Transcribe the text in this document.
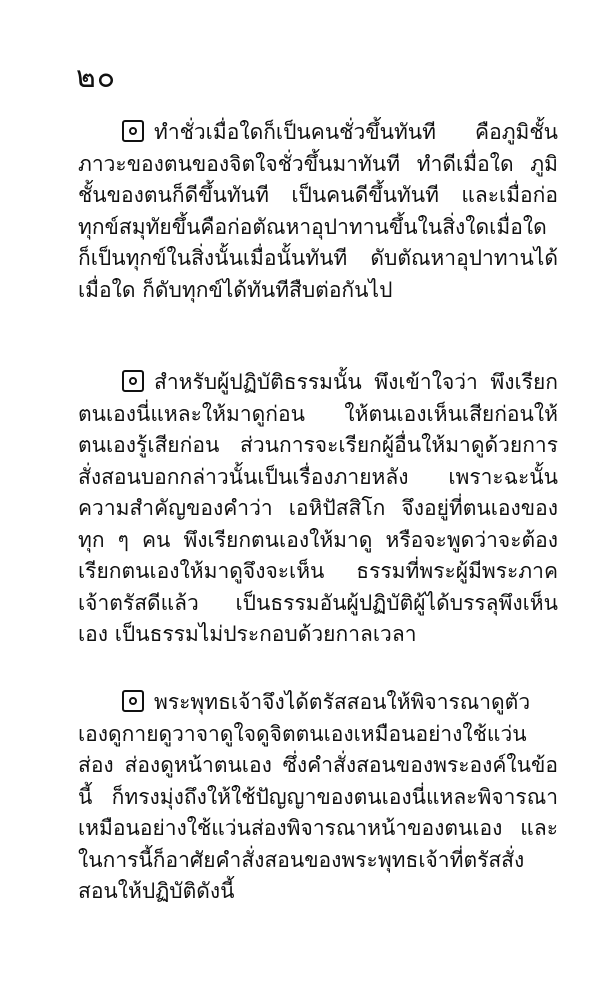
๒๐
ทำชั่วเมื่อใดก็เป็นคนชั่วขึ้นทันที คือภูมิชั้นภาวะของตนของจิตใจชั่วขึ้นมาทันที ทำดีเมื่อใด ภูมิชั้นของตนก็ดีขึ้นทันที เป็นคนดีขึ้นทันที และเมื่อก่อทุกข์สมุทัยขึ้นคือก่อตัณหาอุปาทานขึ้นในสิ่งใดเมื่อใด ก็เป็นทุกข์ในสิ่งนั้นเมื่อนั้นทันที ดับตัณหาอุปาทานได้เมื่อใด ก็ดับทุกข์ได้ทันทีสืบต่อกันไป
สำหรับผู้ปฏิบัติธรรมนั้น พึงเข้าใจว่า พึงเรียกตนเองนี่แหละให้มาดูก่อน ให้ตนเองเห็นเสียก่อนให้ตนเองรู้เสียก่อน ส่วนการจะเรียกผู้อื่นให้มาดูด้วยการสั่งสอนบอกกล่าวนั้นเป็นเรื่องภายหลัง เพราะฉะนั้น ความสำคัญของคำว่า เอหิปัสสิโก จึงอยู่ที่ตนเองของทุก ๆ คน พึงเรียกตนเองให้มาดู หรือจะพูดว่าจะต้องเรียกตนเองให้มาดูจึงจะเห็น ธรรมที่พระผู้มีพระภาคเจ้าตรัสดีแล้ว เป็นธรรมอันผู้ปฏิบัติผู้ได้บรรลุพึงเห็นเอง เป็นธรรมไม่ประกอบด้วยกาลเวลา
พระพุทธเจ้าจึงได้ตรัสสอนให้พิจารณาดูตัวเองดูกายดูวาจาดูใจดูจิตตนเองเหมือนอย่างใช้แว่นส่อง ส่องดูหน้าตนเอง ซึ่งคำสั่งสอนของพระองค์ในข้อนี้ ก็ทรงมุ่งถึงให้ใช้ปัญญาของตนเองนี่แหละพิจารณาเหมือนอย่างใช้แว่นส่องพิจารณาหน้าของตนเอง และในการนี้ก็อาศัยคำสั่งสอนของพระพุทธเจ้าที่ตรัสสั่งสอนให้ปฏิบัติดังนี้
